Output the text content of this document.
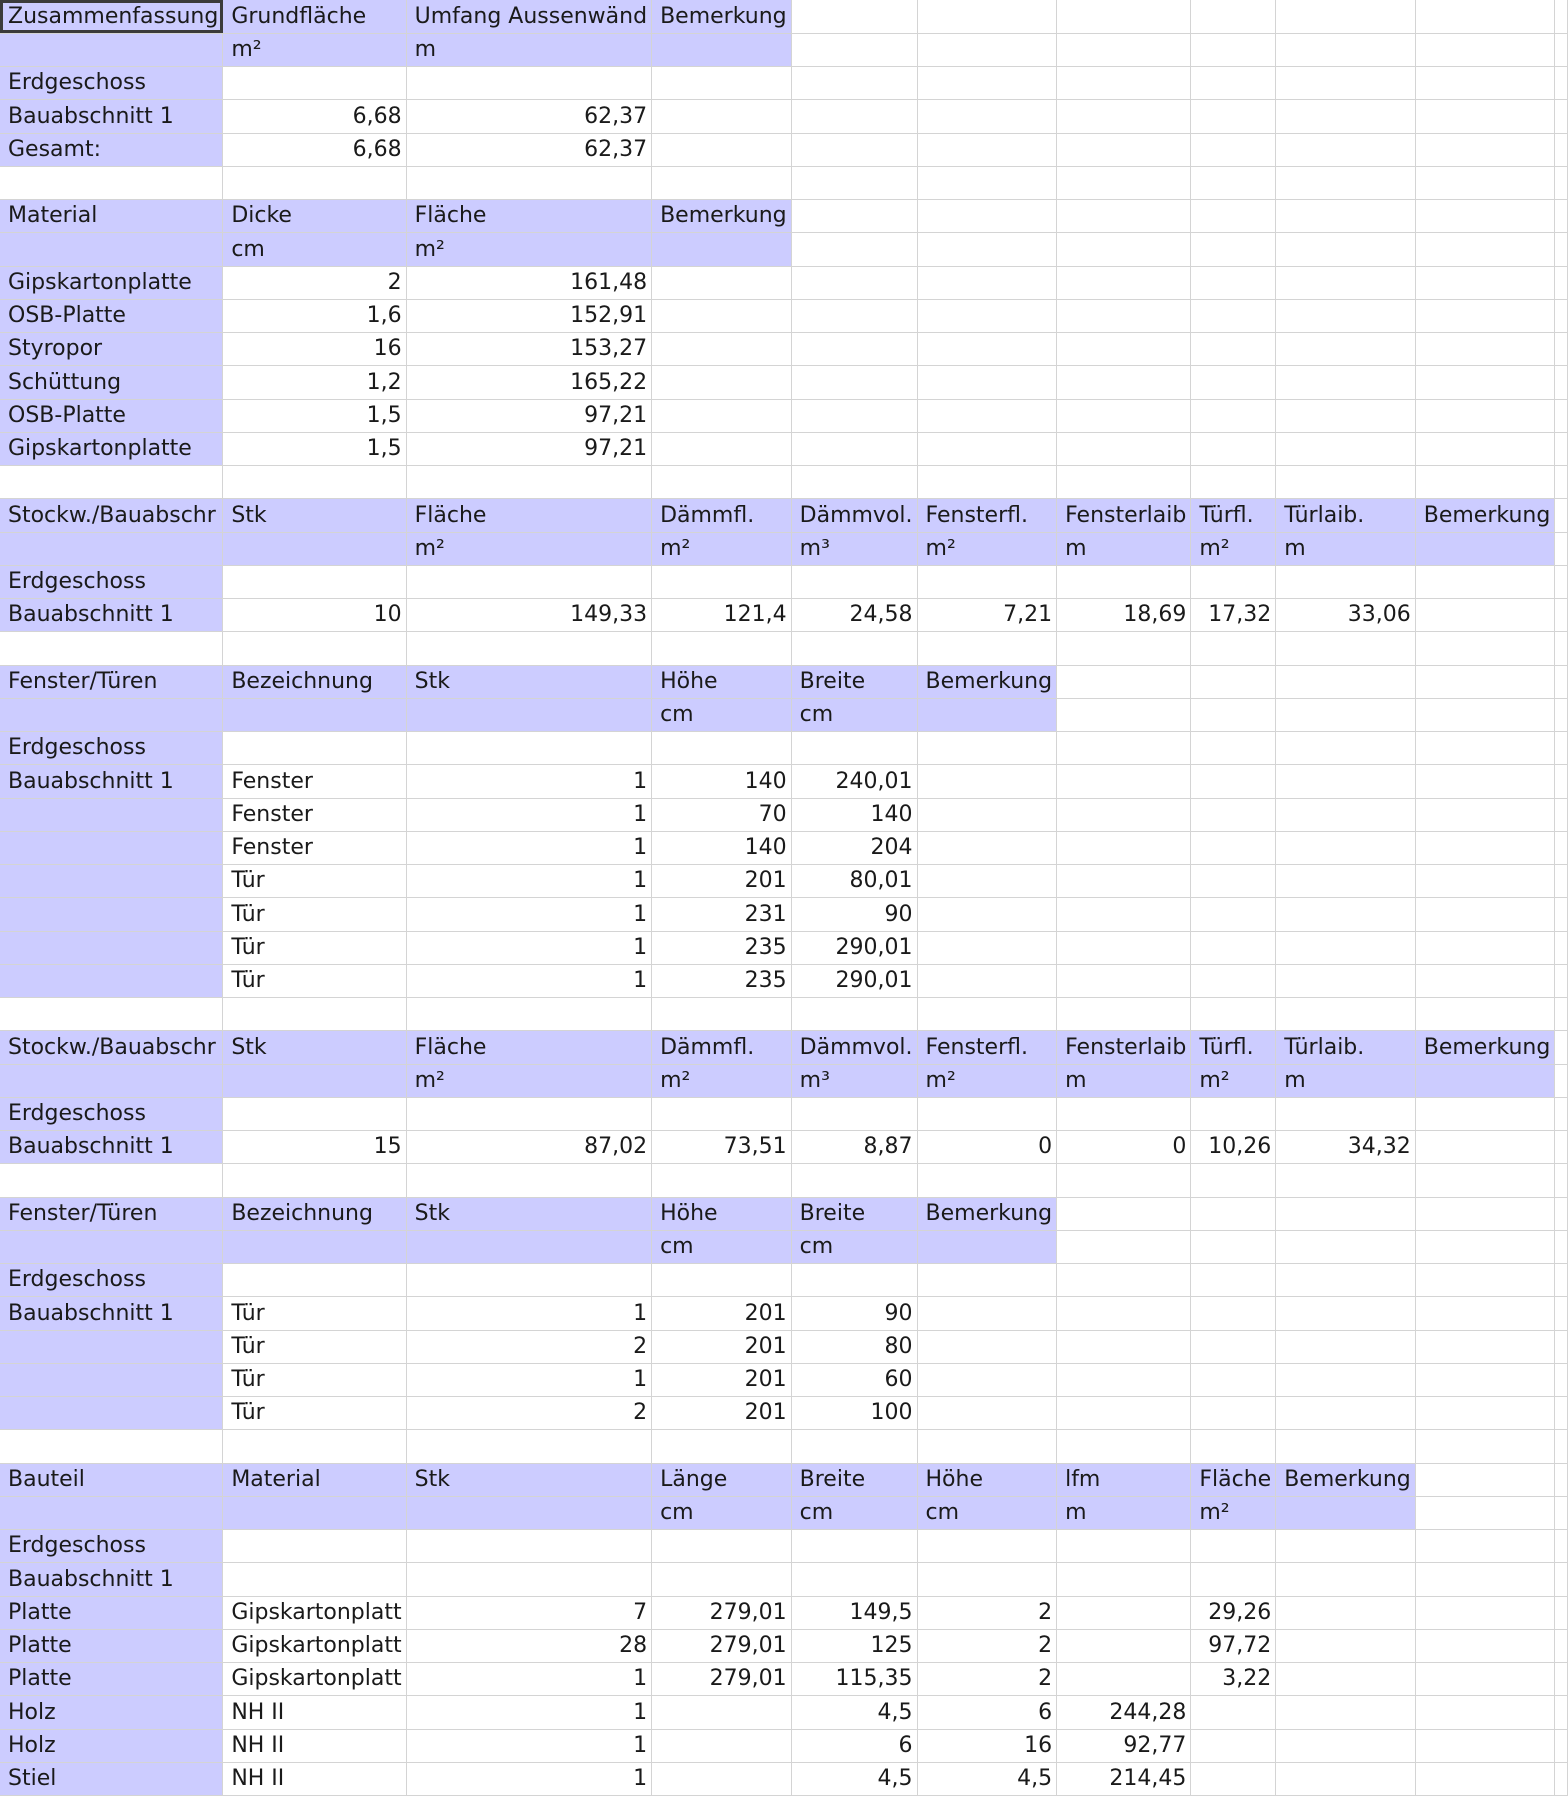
Zusammenfassung	Grundfläche	Umfang Aussenwänd	Bemerkung							
	m²	m								
Erdgeschoss										
Bauabschnitt 1	6,68	62,37								
Gesamt:	6,68	62,37								

Material	Dicke	Fläche	Bemerkung							
	cm	m²								
Gipskartonplatte	2	161,48								
OSB-Platte	1,6	152,91								
Styropor	16	153,27								
Schüttung	1,2	165,22								
OSB-Platte	1,5	97,21								
Gipskartonplatte	1,5	97,21								

Stockw./Bauabschr	Stk	Fläche	Dämmfl.	Dämmvol.	Fensterfl.	Fensterlaib	Türfl.	Türlaib.	Bemerkung	
		m²	m²	m³	m²	m	m²	m		
Erdgeschoss										
Bauabschnitt 1	10	149,33	121,4	24,58	7,21	18,69	17,32	33,06		

Fenster/Türen	Bezeichnung	Stk	Höhe	Breite	Bemerkung					
			cm	cm						
Erdgeschoss										
Bauabschnitt 1	Fenster	1	140	240,01						
	Fenster	1	70	140						
	Fenster	1	140	204						
	Tür	1	201	80,01						
	Tür	1	231	90						
	Tür	1	235	290,01						
	Tür	1	235	290,01						

Stockw./Bauabschr	Stk	Fläche	Dämmfl.	Dämmvol.	Fensterfl.	Fensterlaib	Türfl.	Türlaib.	Bemerkung	
		m²	m²	m³	m²	m	m²	m		
Erdgeschoss										
Bauabschnitt 1	15	87,02	73,51	8,87	0	0	10,26	34,32		

Fenster/Türen	Bezeichnung	Stk	Höhe	Breite	Bemerkung					
			cm	cm						
Erdgeschoss										
Bauabschnitt 1	Tür	1	201	90						
	Tür	2	201	80						
	Tür	1	201	60						
	Tür	2	201	100						

Bauteil	Material	Stk	Länge	Breite	Höhe	lfm	Fläche	Bemerkung		
			cm	cm	cm	m	m²			
Erdgeschoss										
Bauabschnitt 1										
Platte	Gipskartonplatt	7	279,01	149,5	2		29,26			
Platte	Gipskartonplatt	28	279,01	125	2		97,72			
Platte	Gipskartonplatt	1	279,01	115,35	2		3,22			
Holz	NH II	1		4,5	6	244,28				
Holz	NH II	1		6	16	92,77				
Stiel	NH II	1		4,5	4,5	214,45				
